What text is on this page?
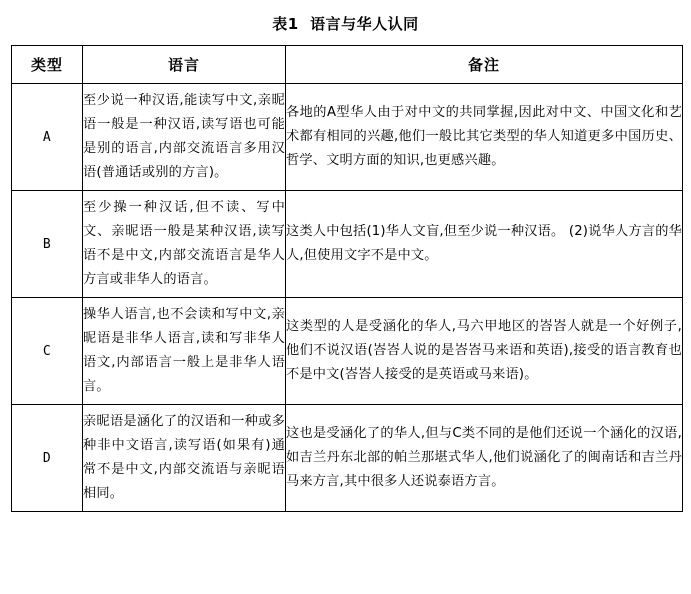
表1  语言与华人认同
类型	语言	备注
A	至少说一种汉语,能读写中文,亲昵语一般是一种汉语,读写语也可能是别的语言,内部交流语言多用汉语(普通话或别的方言)。	各地的A型华人由于对中文的共同掌握,因此对中文、中国文化和艺术都有相同的兴趣,他们一般比其它类型的华人知道更多中国历史、哲学、文明方面的知识,也更感兴趣。
B	至少操一种汉话,但不读、写中文、亲昵语一般是某种汉语,读写语不是中文,内部交流语言是华人方言或非华人的语言。	这类人中包括(1)华人文盲,但至少说一种汉语。 (2)说华人方言的华人,但使用文字不是中文。
C	操华人语言,也不会读和写中文,亲昵语是非华人语言,读和写非华人语文,内部语言一般上是非华人语言。	这类型的人是受涵化的华人,马六甲地区的峇峇人就是一个好例子,他们不说汉语(峇峇人说的是峇峇马来语和英语),接受的语言教育也不是中文(峇峇人接受的是英语或马来语)。
D	亲昵语是涵化了的汉语和一种或多种非中文语言,读写语(如果有)通常不是中文,内部交流语与亲昵语相同。	这也是受涵化了的华人,但与C类不同的是他们还说一个涵化的汉语,如吉兰丹东北部的帕兰那堪式华人,他们说涵化了的闽南话和吉兰丹马来方言,其中很多人还说泰语方言。
